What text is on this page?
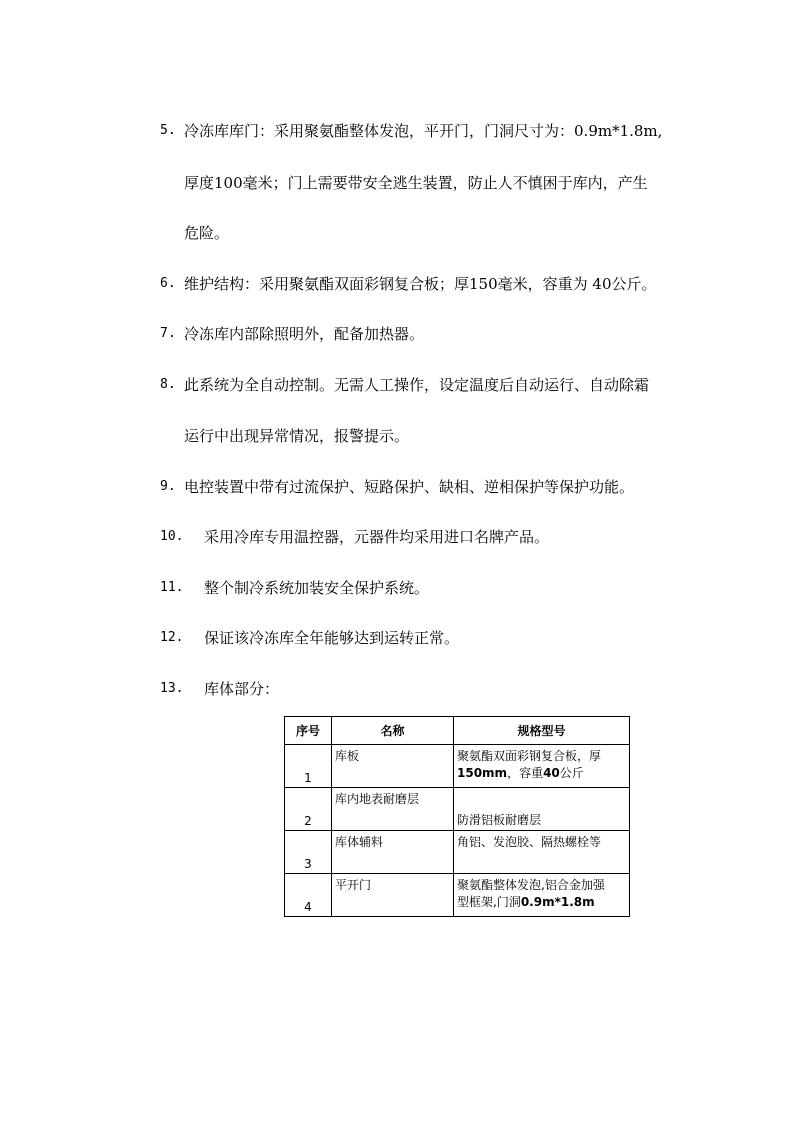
5. 冷冻库库门：采用聚氨酯整体发泡，平开门，门洞尺寸为：0.9m*1.8m,
厚度100毫米；门上需要带安全逃生装置，防止人不慎困于库内，产生
危险。
6. 维护结构：采用聚氨酯双面彩钢复合板；厚150毫米，容重为 40公斤。
7. 冷冻库内部除照明外，配备加热器。
8. 此系统为全自动控制。无需人工操作，设定温度后自动运行、自动除霜
运行中出现异常情况，报警提示。
9. 电控装置中带有过流保护、短路保护、缺相、逆相保护等保护功能。
10. 采用冷库专用温控器，元器件均采用进口名牌产品。
11. 整个制冷系统加装安全保护系统。
12. 保证该冷冻库全年能够达到运转正常。
13. 库体部分：
序号	名称	规格型号
1	库板	聚氨酯双面彩钢复合板，厚
150mm，容重40公斤
2	库内地表耐磨层	防滑铝板耐磨层
3	库体辅料	角铝、发泡胶、隔热螺栓等
4	平开门	聚氨酯整体发泡,铝合金加强
型框架,门洞0.9m*1.8m
